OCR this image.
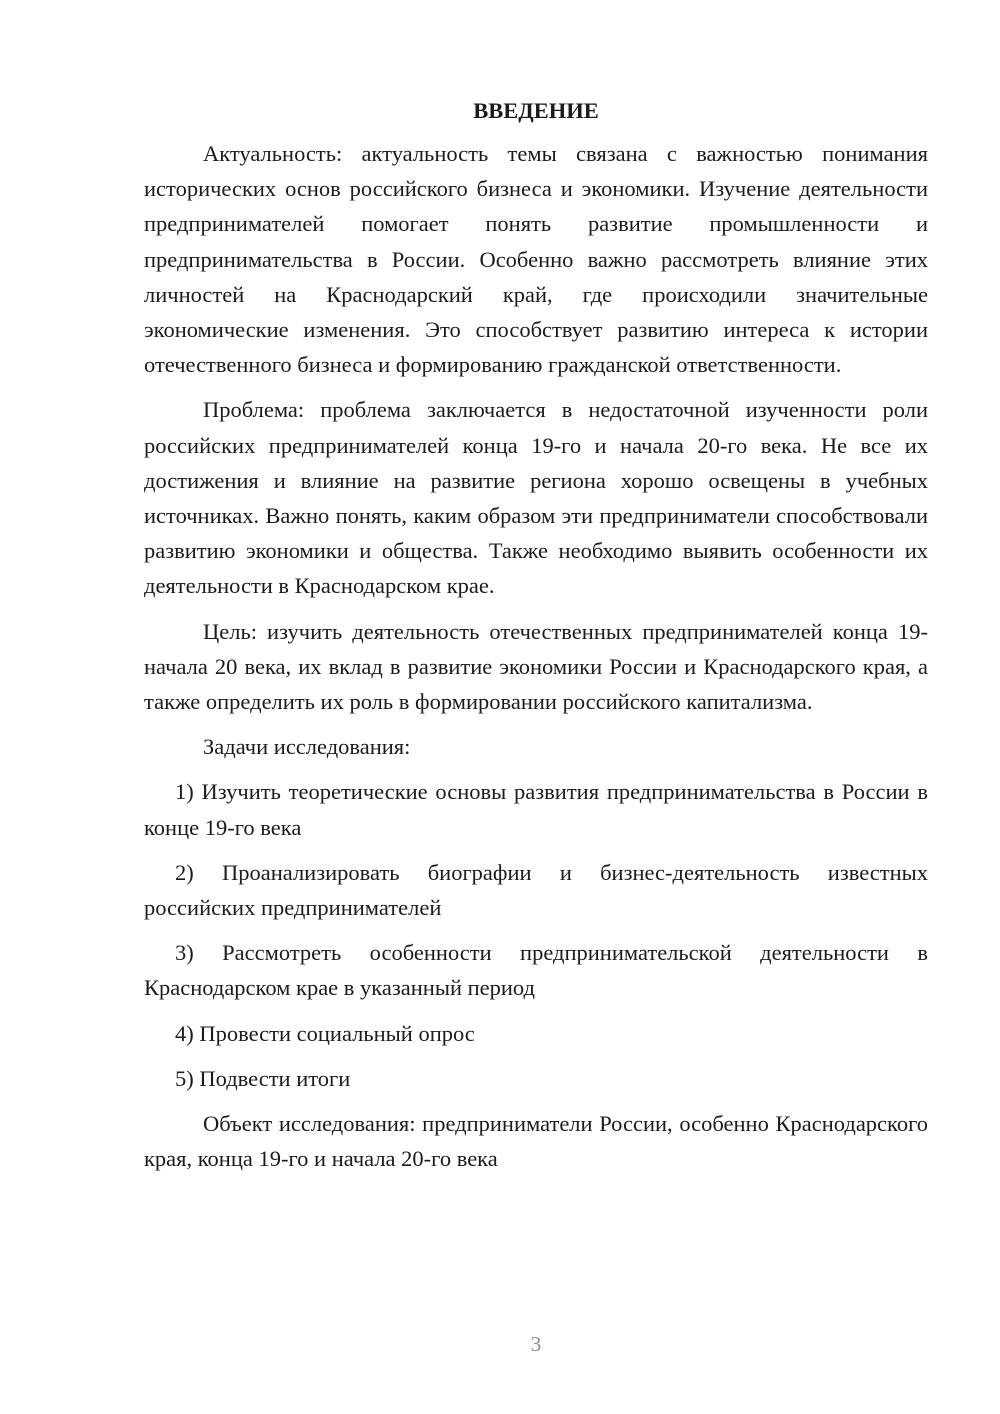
ВВЕДЕНИЕ

Актуальность: актуальность темы связана с важностью понимания исторических основ российского бизнеса и экономики. Изучение деятельности предпринимателей помогает понять развитие промышленности и предпринимательства в России. Особенно важно рассмотреть влияние этих личностей на Краснодарский край, где происходили значительные экономические изменения. Это способствует развитию интереса к истории отечественного бизнеса и формированию гражданской ответственности.

Проблема: проблема заключается в недостаточной изученности роли российских предпринимателей конца 19-го и начала 20-го века. Не все их достижения и влияние на развитие региона хорошо освещены в учебных источниках. Важно понять, каким образом эти предприниматели способствовали развитию экономики и общества. Также необходимо выявить особенности их деятельности в Краснодарском крае.

Цель: изучить деятельность отечественных предпринимателей конца 19-начала 20 века, их вклад в развитие экономики России и Краснодарского края, а также определить их роль в формировании российского капитализма.

Задачи исследования:

1) Изучить теоретические основы развития предпринимательства в России в конце 19-го века

2) Проанализировать биографии и бизнес-деятельность известных российских предпринимателей

3) Рассмотреть особенности предпринимательской деятельности в Краснодарском крае в указанный период

4) Провести социальный опрос

5) Подвести итоги

Объект исследования: предприниматели России, особенно Краснодарского края, конца 19-го и начала 20-го века

3
